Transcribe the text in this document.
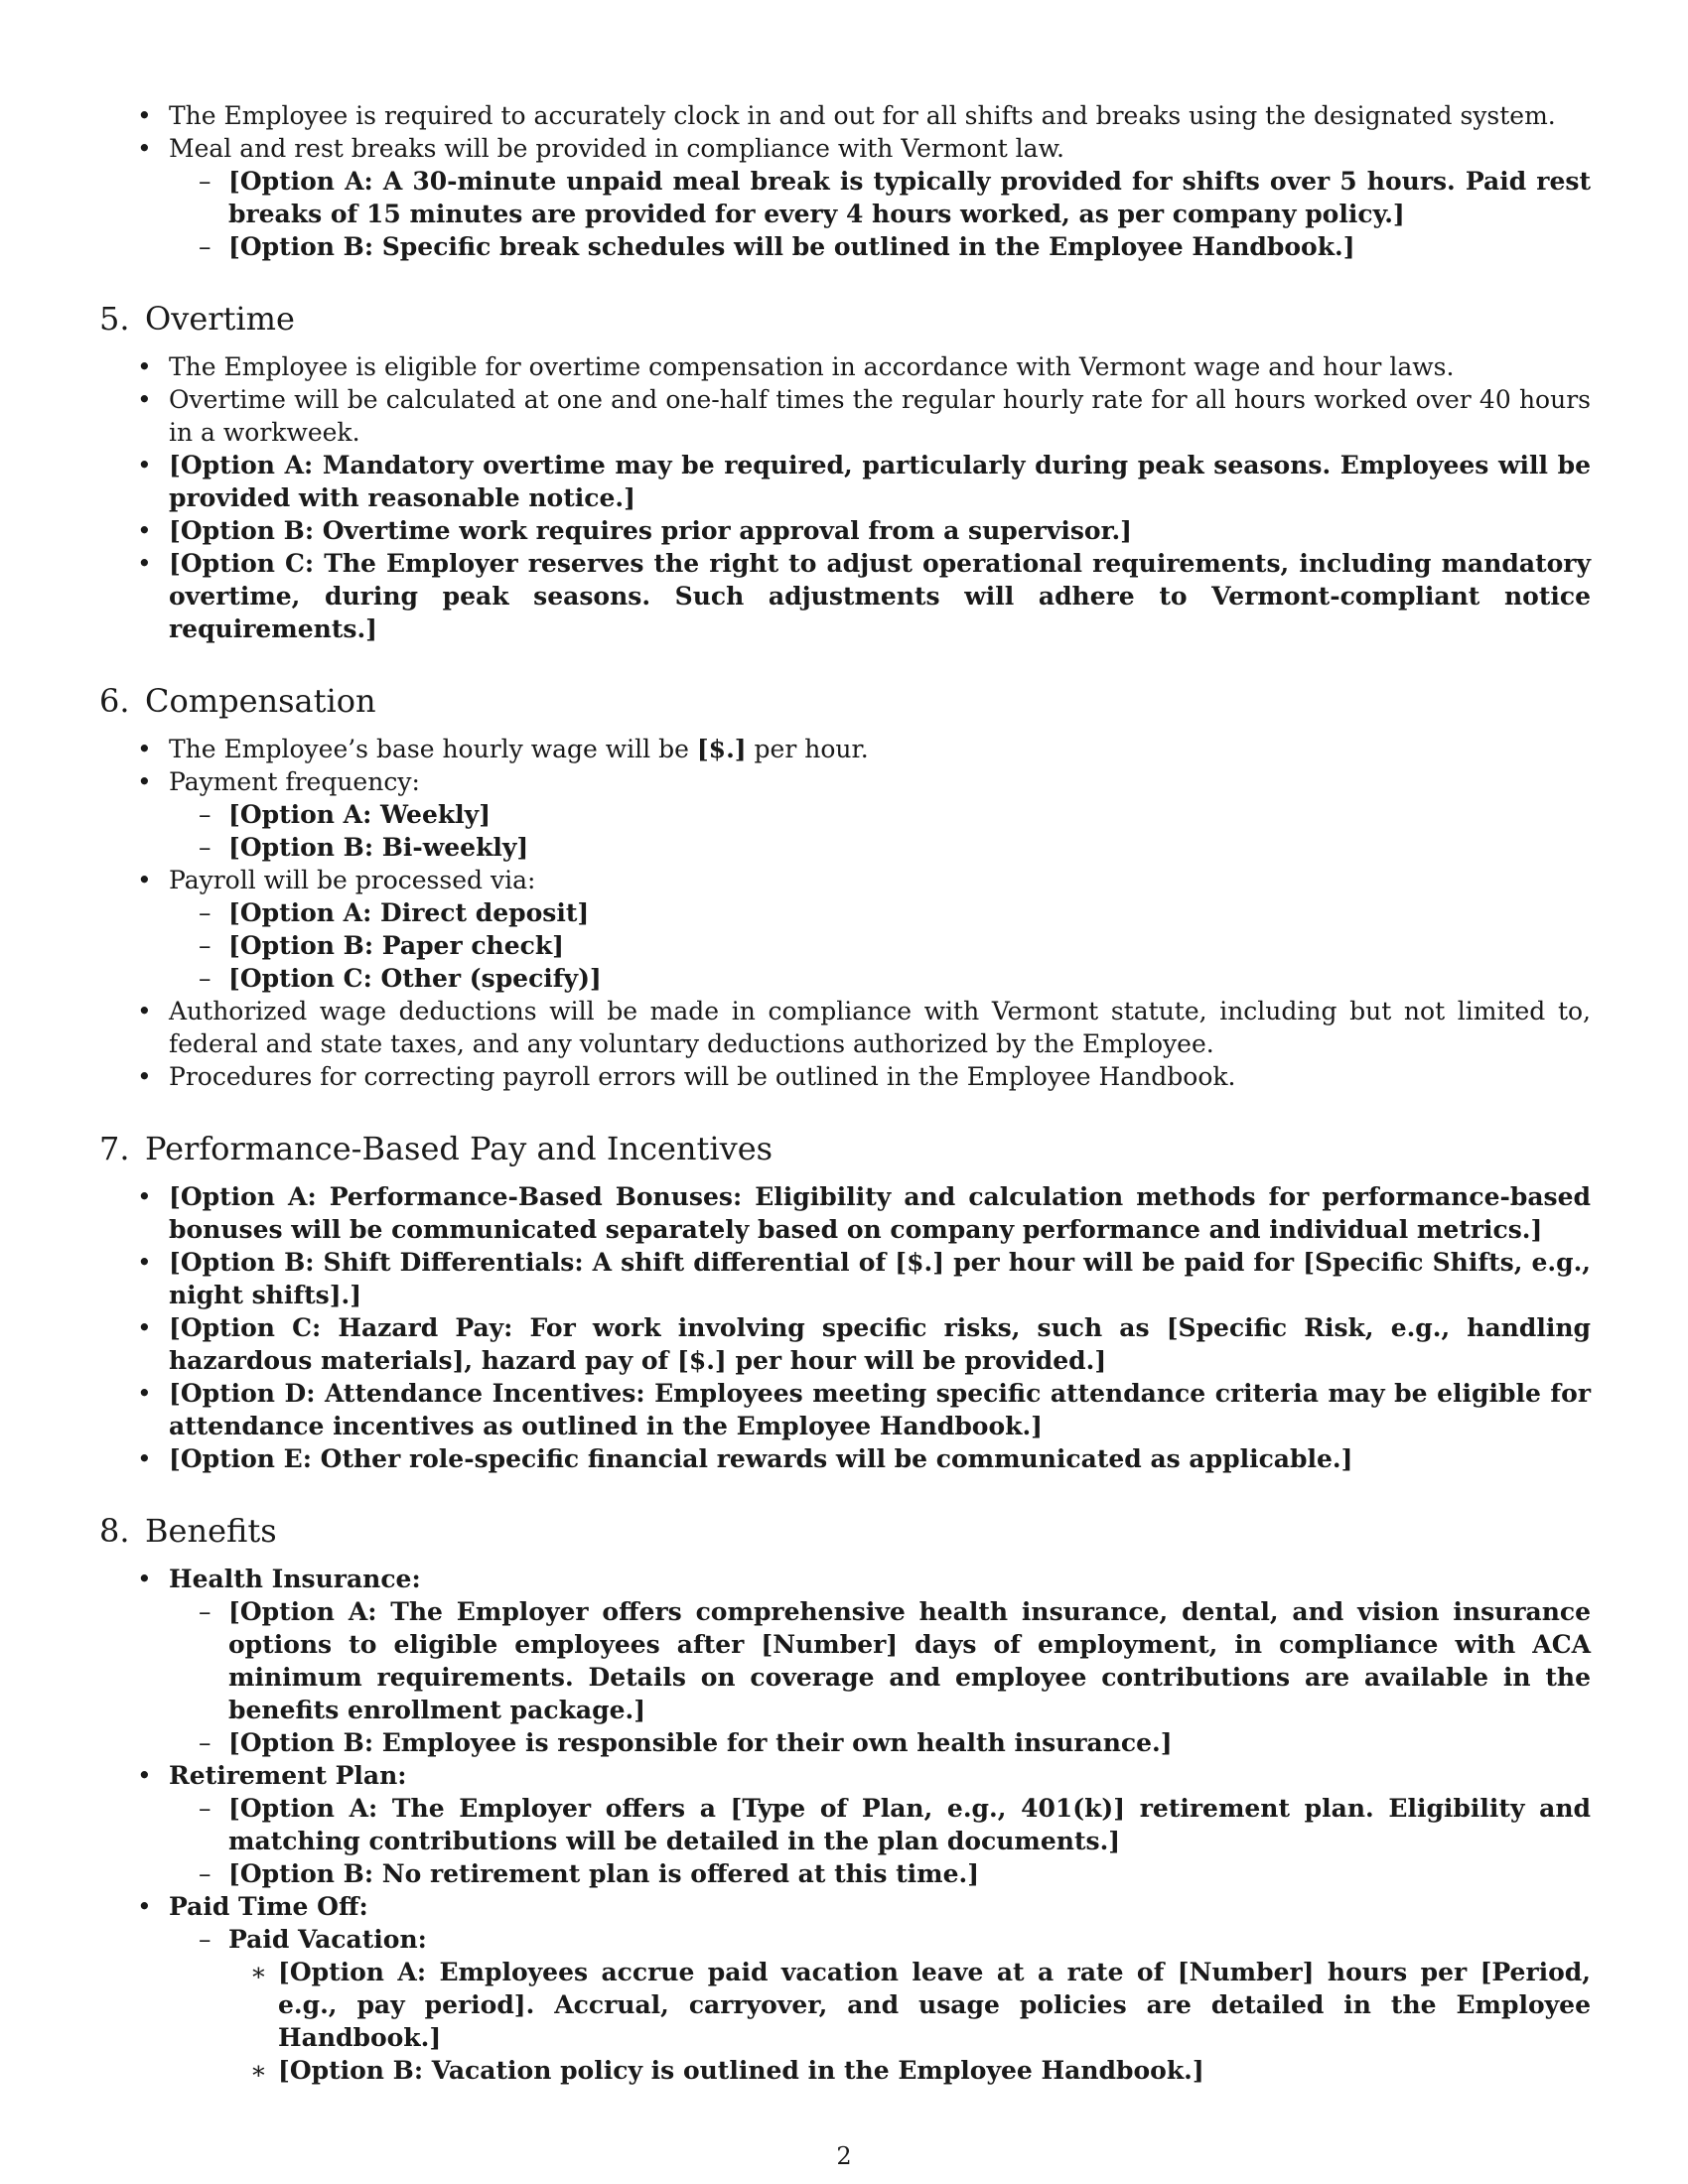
• The Employee is required to accurately clock in and out for all shifts and breaks using the designated system.
• Meal and rest breaks will be provided in compliance with Vermont law.
– [Option A: A 30-minute unpaid meal break is typically provided for shifts over 5 hours. Paid rest breaks of 15 minutes are provided for every 4 hours worked, as per company policy.]
– [Option B: Specific break schedules will be outlined in the Employee Handbook.]
5. Overtime
• The Employee is eligible for overtime compensation in accordance with Vermont wage and hour laws.
• Overtime will be calculated at one and one-half times the regular hourly rate for all hours worked over 40 hours in a workweek.
• [Option A: Mandatory overtime may be required, particularly during peak seasons. Employees will be provided with reasonable notice.]
• [Option B: Overtime work requires prior approval from a supervisor.]
• [Option C: The Employer reserves the right to adjust operational requirements, including mandatory overtime, during peak seasons. Such adjustments will adhere to Vermont-compliant notice requirements.]
6. Compensation
• The Employee’s base hourly wage will be [$.] per hour.
• Payment frequency:
– [Option A: Weekly]
– [Option B: Bi-weekly]
• Payroll will be processed via:
– [Option A: Direct deposit]
– [Option B: Paper check]
– [Option C: Other (specify)]
• Authorized wage deductions will be made in compliance with Vermont statute, including but not limited to, federal and state taxes, and any voluntary deductions authorized by the Employee.
• Procedures for correcting payroll errors will be outlined in the Employee Handbook.
7. Performance-Based Pay and Incentives
• [Option A: Performance-Based Bonuses: Eligibility and calculation methods for performance-based bonuses will be communicated separately based on company performance and individual metrics.]
• [Option B: Shift Differentials: A shift differential of [$.] per hour will be paid for [Specific Shifts, e.g., night shifts].]
• [Option C: Hazard Pay: For work involving specific risks, such as [Specific Risk, e.g., handling hazardous materials], hazard pay of [$.] per hour will be provided.]
• [Option D: Attendance Incentives: Employees meeting specific attendance criteria may be eligible for attendance incentives as outlined in the Employee Handbook.]
• [Option E: Other role-specific financial rewards will be communicated as applicable.]
8. Benefits
• Health Insurance:
– [Option A: The Employer offers comprehensive health insurance, dental, and vision insurance options to eligible employees after [Number] days of employment, in compliance with ACA minimum requirements. Details on coverage and employee contributions are available in the benefits enrollment package.]
– [Option B: Employee is responsible for their own health insurance.]
• Retirement Plan:
– [Option A: The Employer offers a [Type of Plan, e.g., 401(k)] retirement plan. Eligibility and matching contributions will be detailed in the plan documents.]
– [Option B: No retirement plan is offered at this time.]
• Paid Time Off:
– Paid Vacation:
∗ [Option A: Employees accrue paid vacation leave at a rate of [Number] hours per [Period, e.g., pay period]. Accrual, carryover, and usage policies are detailed in the Employee Handbook.]
∗ [Option B: Vacation policy is outlined in the Employee Handbook.]
2
